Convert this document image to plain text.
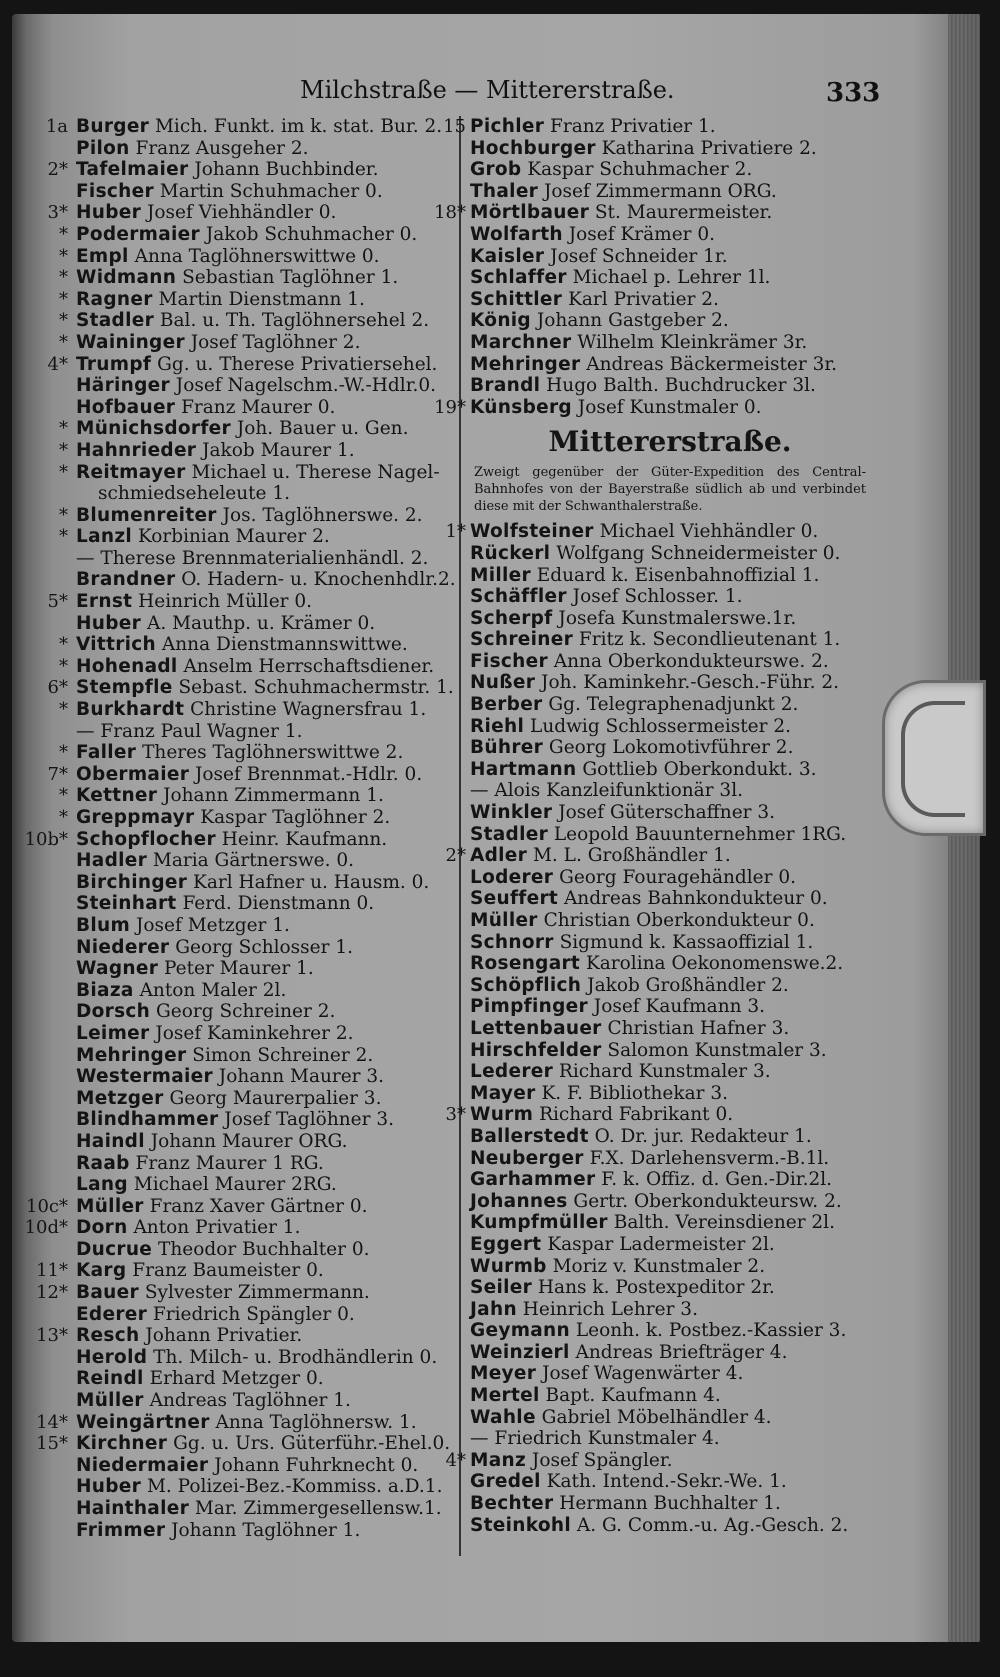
Milchstraße — Mittererstraße.	333
1a Burger Mich. Funkt. im k. stat. Bur. 2.
Pilon Franz Ausgeher 2.
2* Tafelmaier Johann Buchbinder.
Fischer Martin Schuhmacher 0.
3* Huber Josef Viehhändler 0.
* Podermaier Jakob Schuhmacher 0.
* Empl Anna Taglöhnerswittwe 0.
* Widmann Sebastian Taglöhner 1.
* Ragner Martin Dienstmann 1.
* Stadler Bal. u. Th. Taglöhnersehel 2.
* Waininger Josef Taglöhner 2.
4* Trumpf Gg. u. Therese Privatiersehel.
Häringer Josef Nagelschm.-W.-Hdlr.0.
Hofbauer Franz Maurer 0.
* Münichsdorfer Joh. Bauer u. Gen.
* Hahnrieder Jakob Maurer 1.
* Reitmayer Michael u. Therese Nagel-
schmiedseheleute 1.
* Blumenreiter Jos. Taglöhnerswe. 2.
* Lanzl Korbinian Maurer 2.
— Therese Brennmaterialienhändl. 2.
Brandner O. Hadern- u. Knochenhdlr.2.
5* Ernst Heinrich Müller 0.
Huber A. Mauthp. u. Krämer 0.
* Vittrich Anna Dienstmannswittwe.
* Hohenadl Anselm Herrschaftsdiener.
6* Stempfle Sebast. Schuhmachermstr. 1.
* Burkhardt Christine Wagnersfrau 1.
— Franz Paul Wagner 1.
* Faller Theres Taglöhnerswittwe 2.
7* Obermaier Josef Brennmat.-Hdlr. 0.
* Kettner Johann Zimmermann 1.
* Greppmayr Kaspar Taglöhner 2.
10b* Schopflocher Heinr. Kaufmann.
Hadler Maria Gärtnerswe. 0.
Birchinger Karl Hafner u. Hausm. 0.
Steinhart Ferd. Dienstmann 0.
Blum Josef Metzger 1.
Niederer Georg Schlosser 1.
Wagner Peter Maurer 1.
Biaza Anton Maler 2l.
Dorsch Georg Schreiner 2.
Leimer Josef Kaminkehrer 2.
Mehringer Simon Schreiner 2.
Westermaier Johann Maurer 3.
Metzger Georg Maurerpalier 3.
Blindhammer Josef Taglöhner 3.
Haindl Johann Maurer ORG.
Raab Franz Maurer 1 RG.
Lang Michael Maurer 2RG.
10c* Müller Franz Xaver Gärtner 0.
10d* Dorn Anton Privatier 1.
Ducrue Theodor Buchhalter 0.
11* Karg Franz Baumeister 0.
12* Bauer Sylvester Zimmermann.
Ederer Friedrich Spängler 0.
13* Resch Johann Privatier.
Herold Th. Milch- u. Brodhändlerin 0.
Reindl Erhard Metzger 0.
Müller Andreas Taglöhner 1.
14* Weingärtner Anna Taglöhnersw. 1.
15* Kirchner Gg. u. Urs. Güterführ.-Ehel.0.
Niedermaier Johann Fuhrknecht 0.
Huber M. Polizei-Bez.-Kommiss. a.D.1.
Hainthaler Mar. Zimmergesellensw.1.
Frimmer Johann Taglöhner 1.
15 Pichler Franz Privatier 1.
Hochburger Katharina Privatiere 2.
Grob Kaspar Schuhmacher 2.
Thaler Josef Zimmermann ORG.
18* Mörtlbauer St. Maurermeister.
Wolfarth Josef Krämer 0.
Kaisler Josef Schneider 1r.
Schlaffer Michael p. Lehrer 1l.
Schittler Karl Privatier 2.
König Johann Gastgeber 2.
Marchner Wilhelm Kleinkrämer 3r.
Mehringer Andreas Bäckermeister 3r.
Brandl Hugo Balth. Buchdrucker 3l.
19* Künsberg Josef Kunstmaler 0.
Mittererstraße.
Zweigt gegenüber der Güter-Expedition des Central-Bahnhofes von der Bayerstraße südlich ab und verbindet diese mit der Schwanthalerstraße.
1* Wolfsteiner Michael Viehhändler 0.
Rückerl Wolfgang Schneidermeister 0.
Miller Eduard k. Eisenbahnoffizial 1.
Schäffler Josef Schlosser. 1.
Scherpf Josefa Kunstmalerswe.1r.
Schreiner Fritz k. Secondlieutenant 1.
Fischer Anna Oberkondukteurswe. 2.
Nußer Joh. Kaminkehr.-Gesch.-Führ. 2.
Berber Gg. Telegraphenadjunkt 2.
Riehl Ludwig Schlossermeister 2.
Bührer Georg Lokomotivführer 2.
Hartmann Gottlieb Oberkondukt. 3.
— Alois Kanzleifunktionär 3l.
Winkler Josef Güterschaffner 3.
Stadler Leopold Bauunternehmer 1RG.
2* Adler M. L. Großhändler 1.
Loderer Georg Fouragehändler 0.
Seuffert Andreas Bahnkondukteur 0.
Müller Christian Oberkondukteur 0.
Schnorr Sigmund k. Kassaoffizial 1.
Rosengart Karolina Oekonomenswe.2.
Schöpflich Jakob Großhändler 2.
Pimpfinger Josef Kaufmann 3.
Lettenbauer Christian Hafner 3.
Hirschfelder Salomon Kunstmaler 3.
Lederer Richard Kunstmaler 3.
Mayer K. F. Bibliothekar 3.
3* Wurm Richard Fabrikant 0.
Ballerstedt O. Dr. jur. Redakteur 1.
Neuberger F.X. Darlehensverm.-B.1l.
Garhammer F. k. Offiz. d. Gen.-Dir.2l.
Johannes Gertr. Oberkondukteursw. 2.
Kumpfmüller Balth. Vereinsdiener 2l.
Eggert Kaspar Ladermeister 2l.
Wurmb Moriz v. Kunstmaler 2.
Seiler Hans k. Postexpeditor 2r.
Jahn Heinrich Lehrer 3.
Geymann Leonh. k. Postbez.-Kassier 3.
Weinzierl Andreas Briefträger 4.
Meyer Josef Wagenwärter 4.
Mertel Bapt. Kaufmann 4.
Wahle Gabriel Möbelhändler 4.
— Friedrich Kunstmaler 4.
4* Manz Josef Spängler.
Gredel Kath. Intend.-Sekr.-We. 1.
Bechter Hermann Buchhalter 1.
Steinkohl A. G. Comm.-u. Ag.-Gesch. 2.
